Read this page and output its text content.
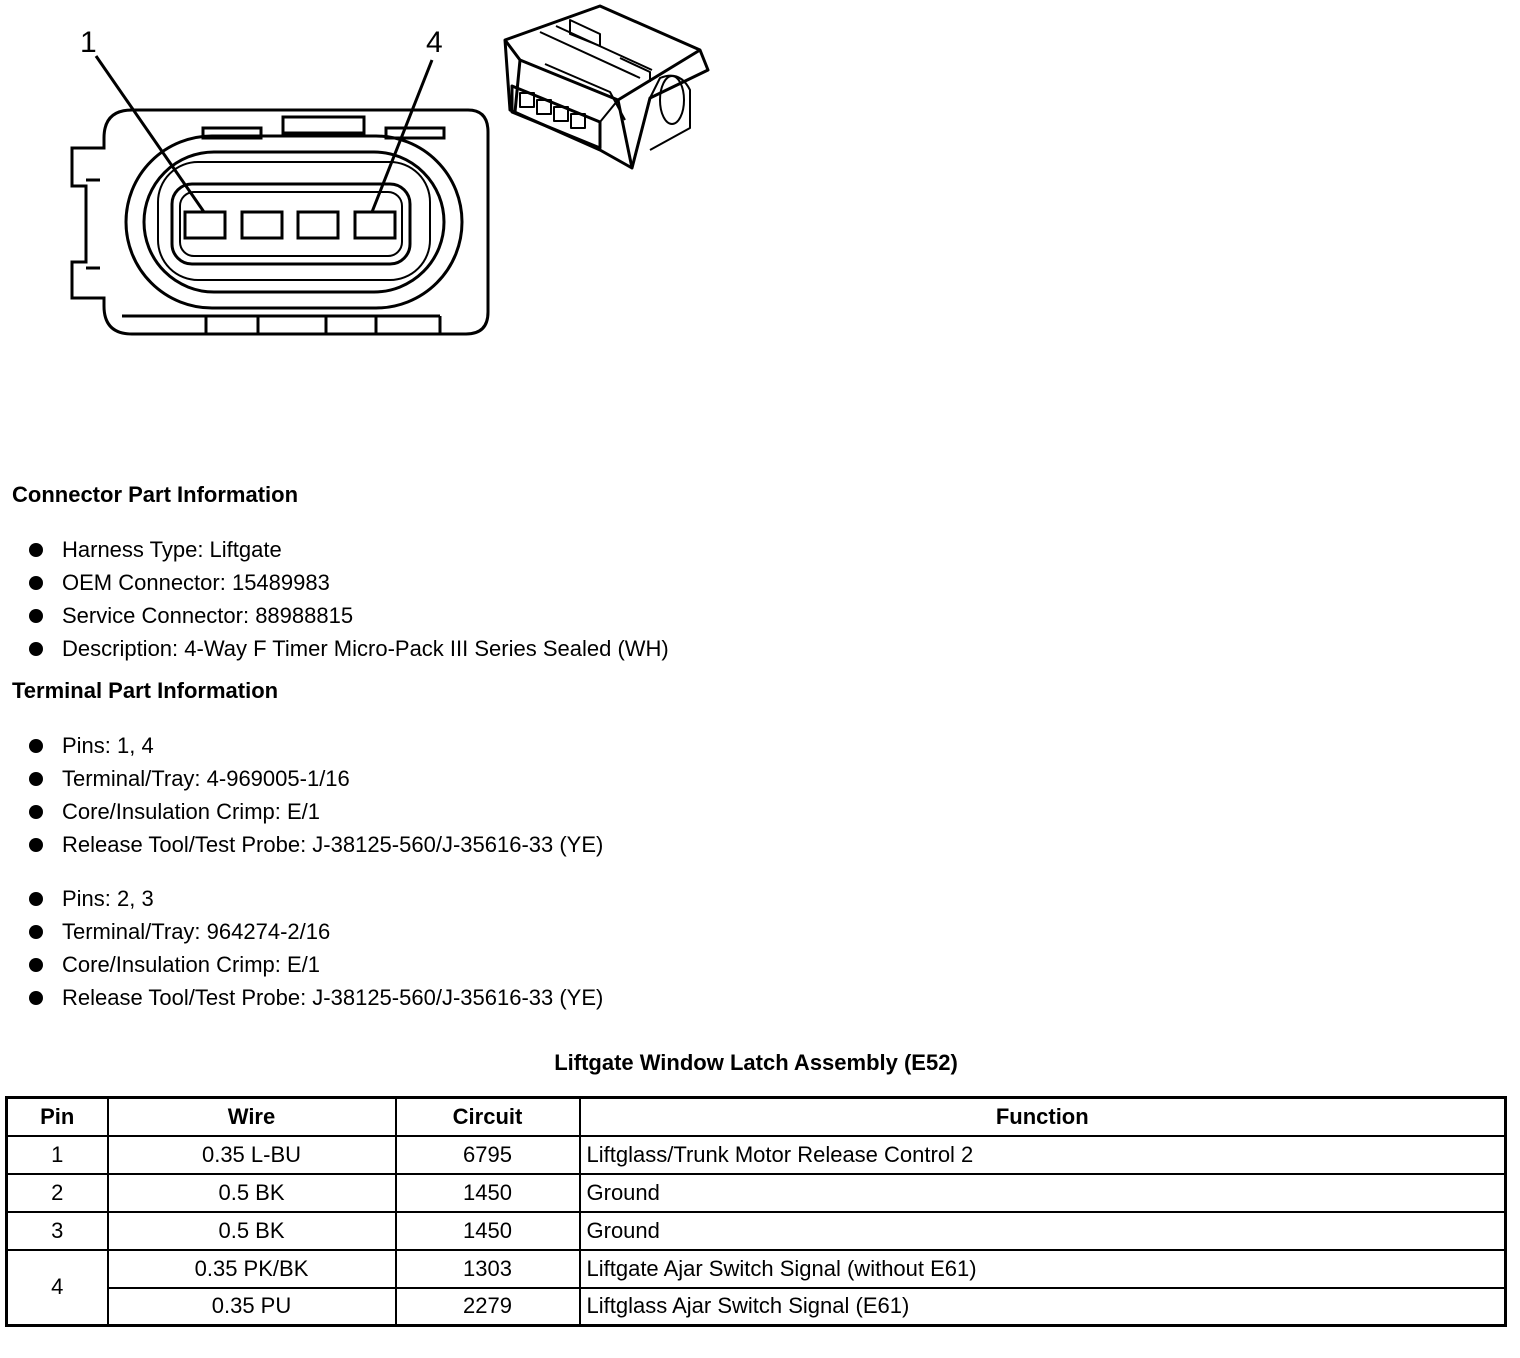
1	4
Connector Part Information
Harness Type: Liftgate
OEM Connector: 15489983
Service Connector: 88988815
Description: 4-Way F Timer Micro-Pack III Series Sealed (WH)
Terminal Part Information
Pins: 1, 4
Terminal/Tray: 4-969005-1/16
Core/Insulation Crimp: E/1
Release Tool/Test Probe: J-38125-560/J-35616-33 (YE)
Pins: 2, 3
Terminal/Tray: 964274-2/16
Core/Insulation Crimp: E/1
Release Tool/Test Probe: J-38125-560/J-35616-33 (YE)
Liftgate Window Latch Assembly (E52)
Pin	Wire	Circuit	Function
1	0.35 L-BU	6795	Liftglass/Trunk Motor Release Control 2
2	0.5 BK	1450	Ground
3	0.5 BK	1450	Ground
4	0.35 PK/BK	1303	Liftgate Ajar Switch Signal (without E61)
	0.35 PU	2279	Liftglass Ajar Switch Signal (E61)
